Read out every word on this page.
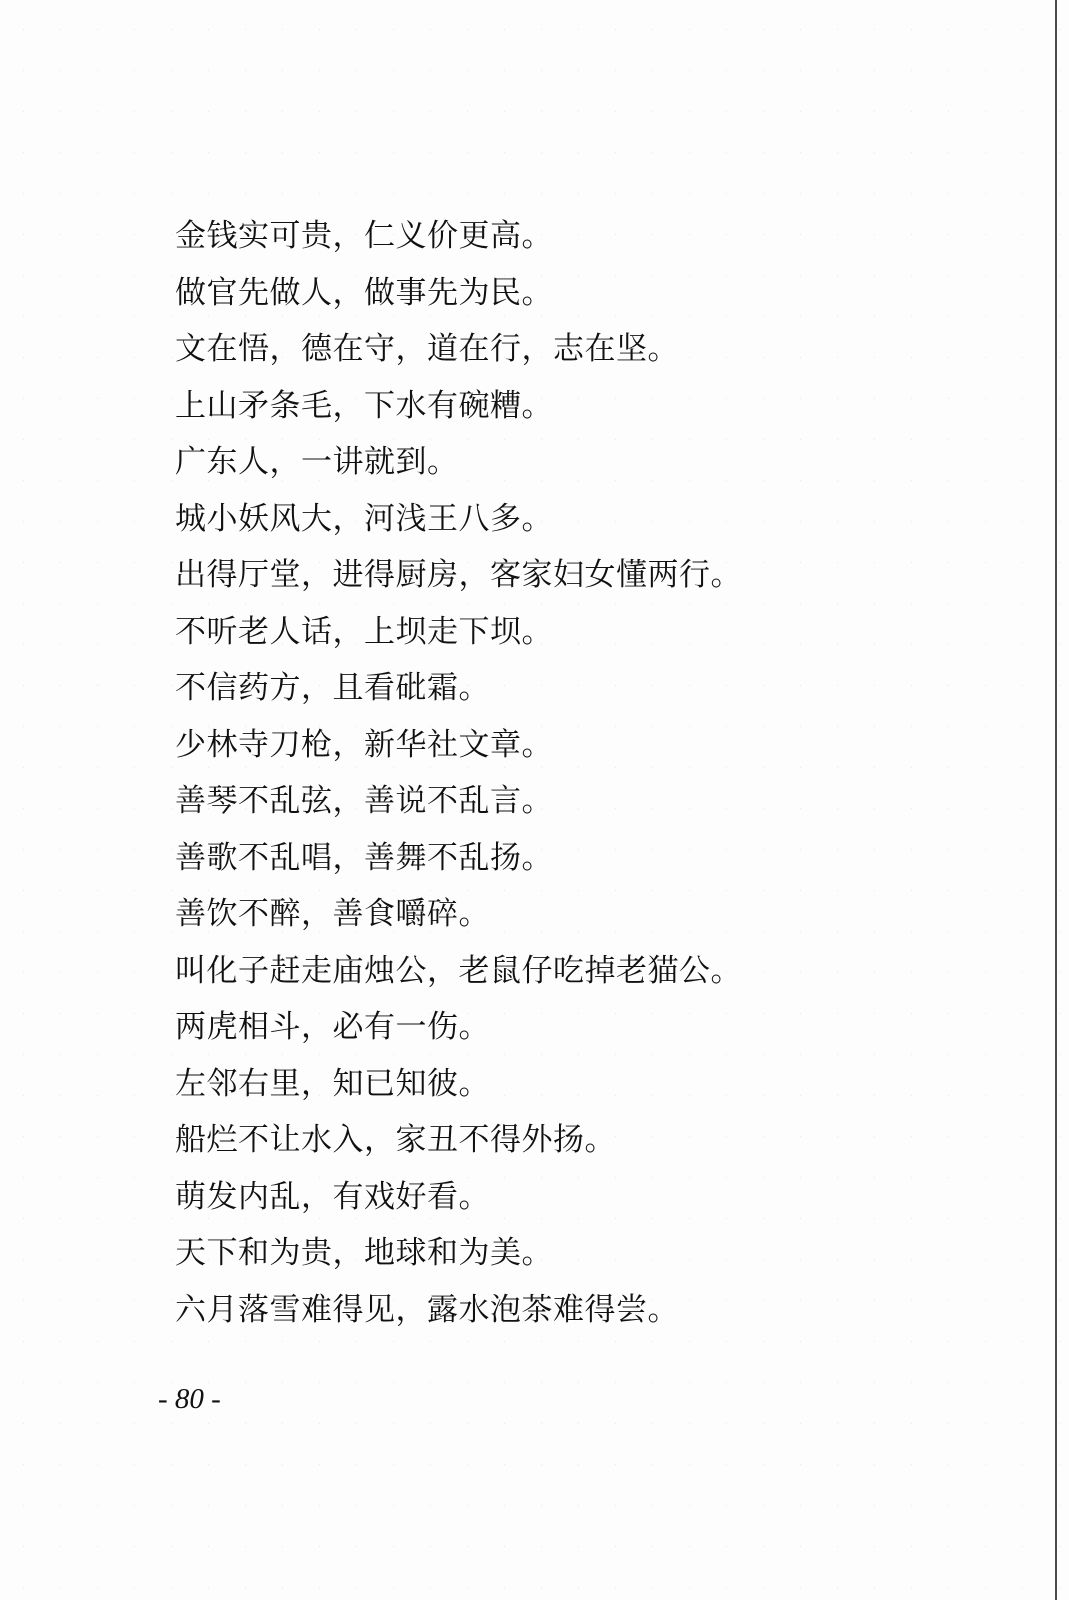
金钱实可贵，仁义价更高。
做官先做人，做事先为民。
文在悟，德在守，道在行，志在坚。
上山矛条毛，下水有碗糟。
广东人，一讲就到。
城小妖风大，河浅王八多。
出得厅堂，进得厨房，客家妇女懂两行。
不听老人话，上坝走下坝。
不信药方，且看砒霜。
少林寺刀枪，新华社文章。
善琴不乱弦，善说不乱言。
善歌不乱唱，善舞不乱扬。
善饮不醉，善食嚼碎。
叫化子赶走庙烛公，老鼠仔吃掉老猫公。
两虎相斗，必有一伤。
左邻右里，知已知彼。
船烂不让水入，家丑不得外扬。
萌发内乱，有戏好看。
天下和为贵，地球和为美。
六月落雪难得见，露水泡茶难得尝。
- 80 -
